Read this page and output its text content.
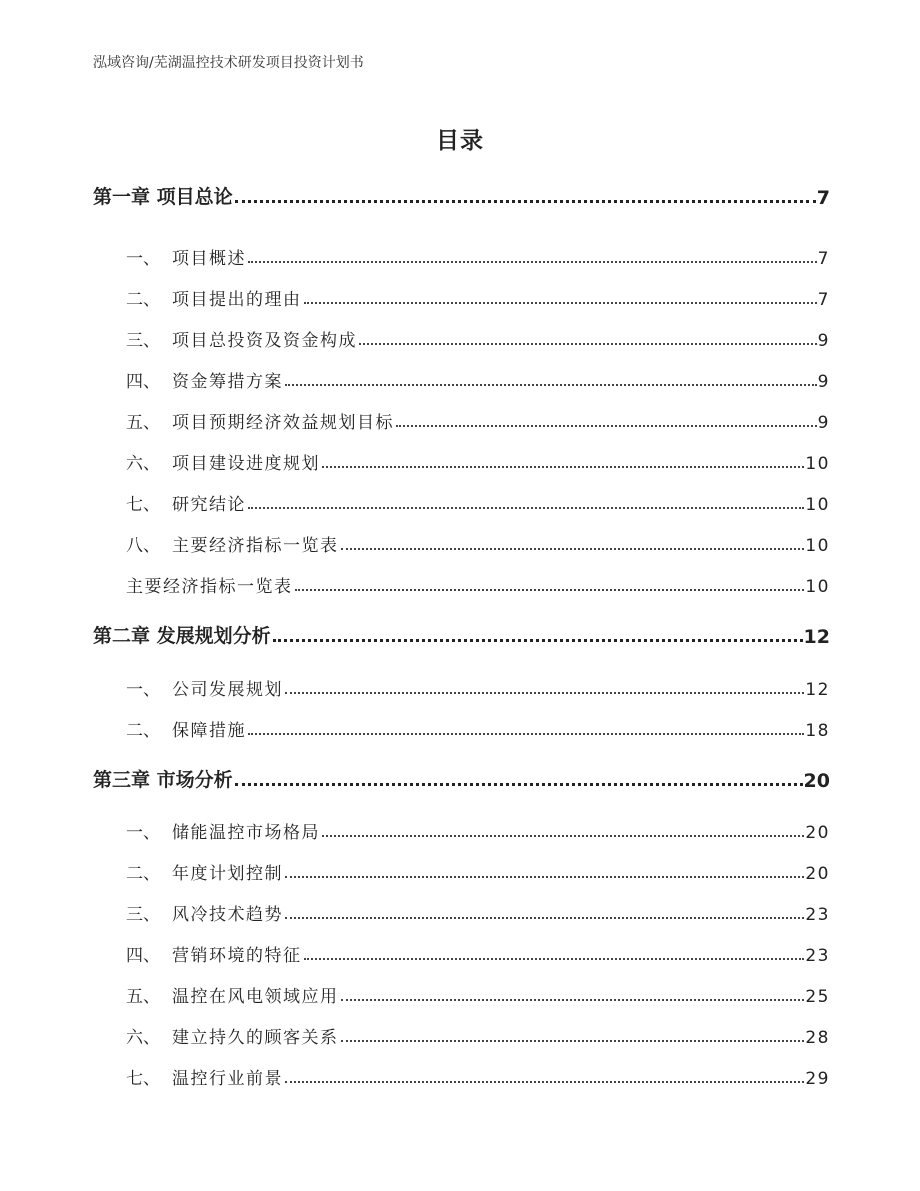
泓域咨询/芜湖温控技术研发项目投资计划书
目录
第一章 项目总论	7
一、 项目概述	7
二、 项目提出的理由	7
三、 项目总投资及资金构成	9
四、 资金筹措方案	9
五、 项目预期经济效益规划目标	9
六、 项目建设进度规划	10
七、 研究结论	10
八、 主要经济指标一览表	10
主要经济指标一览表	10
第二章 发展规划分析	12
一、 公司发展规划	12
二、 保障措施	18
第三章 市场分析	20
一、 储能温控市场格局	20
二、 年度计划控制	20
三、 风冷技术趋势	23
四、 营销环境的特征	23
五、 温控在风电领域应用	25
六、 建立持久的顾客关系	28
七、 温控行业前景	29
